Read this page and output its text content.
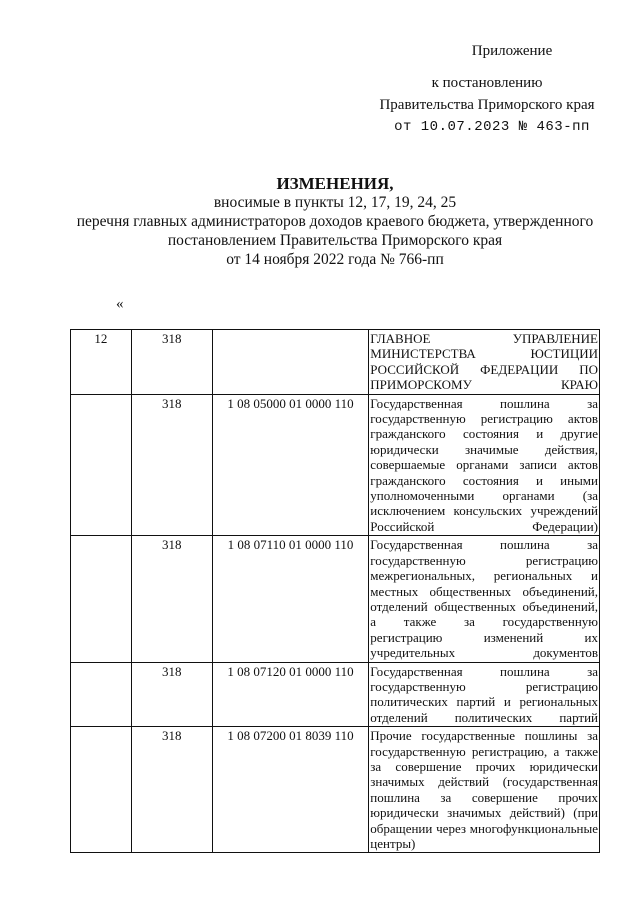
Приложение
к постановлению
Правительства Приморского края
от 10.07.2023 № 463-пп
ИЗМЕНЕНИЯ,
вносимые в пункты 12, 17, 19, 24, 25
перечня главных администраторов доходов краевого бюджета, утвержденного
постановлением Правительства Приморского края
от 14 ноября 2022 года № 766-пп
«
12	318		ГЛАВНОЕ УПРАВЛЕНИЕ МИНИСТЕРСТВА ЮСТИЦИИ РОССИЙСКОЙ ФЕДЕРАЦИИ ПО ПРИМОРСКОМУ КРАЮ
	318	1 08 05000 01 0000 110	Государственная пошлина за государственную регистрацию актов гражданского состояния и другие юридически значимые действия, совершаемые органами записи актов гражданского состояния и иными уполномоченными органами (за исключением консульских учреждений Российской Федерации)
	318	1 08 07110 01 0000 110	Государственная пошлина за государственную регистрацию межрегиональных, региональных и местных общественных объединений, отделений общественных объединений, а также за государственную регистрацию изменений их учредительных документов
	318	1 08 07120 01 0000 110	Государственная пошлина за государственную регистрацию политических партий и региональных отделений политических партий
	318	1 08 07200 01 8039 110	Прочие государственные пошлины за государственную регистрацию, а также за совершение прочих юридически значимых действий (государственная пошлина за совершение прочих юридически значимых действий) (при обращении через многофункциональные центры)
